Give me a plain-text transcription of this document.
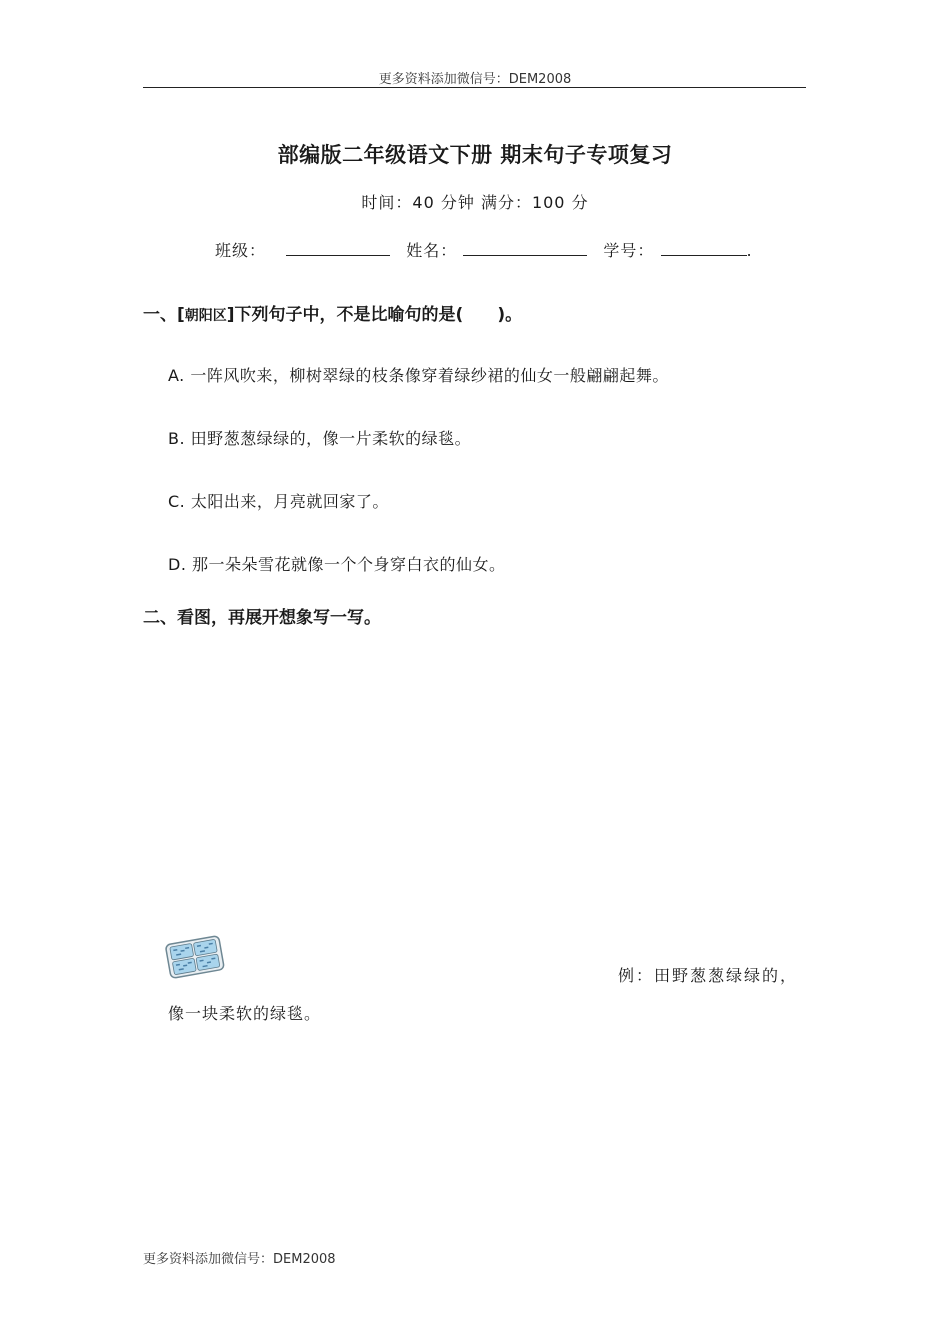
更多资料添加微信号：DEM2008
部编版二年级语文下册 期末句子专项复习
时间：40 分钟 满分：100 分
班级：	姓名：	学号：	.
一、[朝阳区]下列句子中，不是比喻句的是( )。
A. 一阵风吹来，柳树翠绿的枝条像穿着绿纱裙的仙女一般翩翩起舞。
B. 田野葱葱绿绿的，像一片柔软的绿毯。
C. 太阳出来，月亮就回家了。
D. 那一朵朵雪花就像一个个身穿白衣的仙女。
二、看图，再展开想象写一写。
例：田野葱葱绿绿的，
像一块柔软的绿毯。
更多资料添加微信号：DEM2008
